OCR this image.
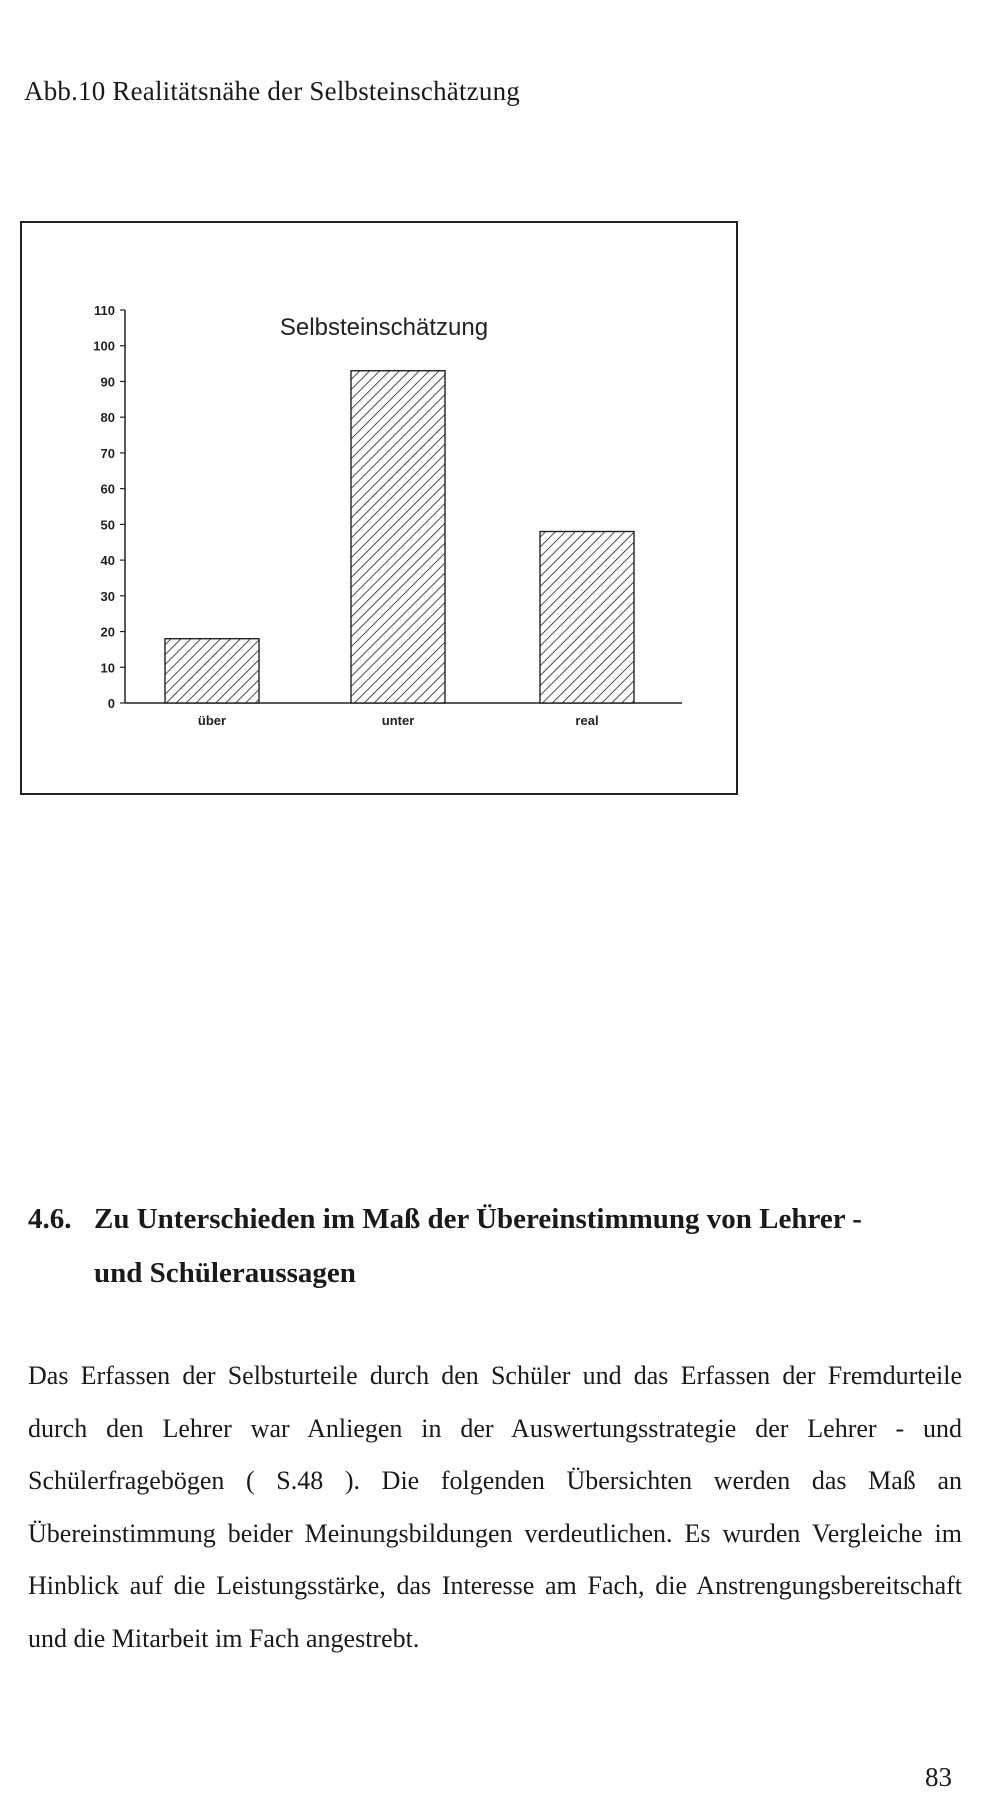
Abb.10 Realitätsnähe der Selbsteinschätzung
Selbsteinschätzung
0
10
20
30
40
50
60
70
80
90
100
110
über	unter	real
4.6. Zu Unterschieden im Maß der Übereinstimmung von Lehrer -
und Schüleraussagen
Das Erfassen der Selbsturteile durch den Schüler und das Erfassen der Fremdurteile durch den Lehrer war Anliegen in der Auswertungsstrategie der Lehrer - und Schülerfragebögen ( S.48 ). Die folgenden Übersichten werden das Maß an Übereinstimmung beider Meinungsbildungen verdeutlichen. Es wurden Vergleiche im Hinblick auf die Leistungsstärke, das Interesse am Fach, die Anstrengungsbereitschaft und die Mitarbeit im Fach angestrebt.
83
